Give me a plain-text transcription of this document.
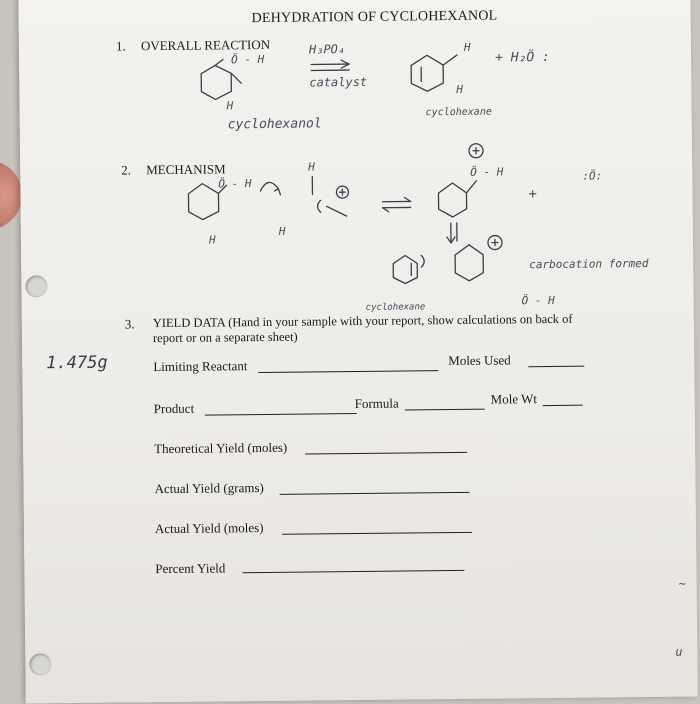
DEHYDRATION OF CYCLOHEXANOL
1. OVERALL REACTION	H₃PO₄
catalyst
+ H₂Ö :
cyclohexanol
cyclohexane
Ö - H
H
H
H
2. MECHANISM
Ö - H
Ö - H
+
:Ö:
carbocation formed
cyclohexane
Ö - H
H
H
H
3. YIELD DATA (Hand in your sample with your report, show calculations on back of
report or on a separate sheet)
1.475g	Limiting Reactant	Moles Used
Product	Formula	Mole Wt
Theoretical Yield (moles)
Actual Yield (grams)
Actual Yield (moles)
Percent Yield
~
u
